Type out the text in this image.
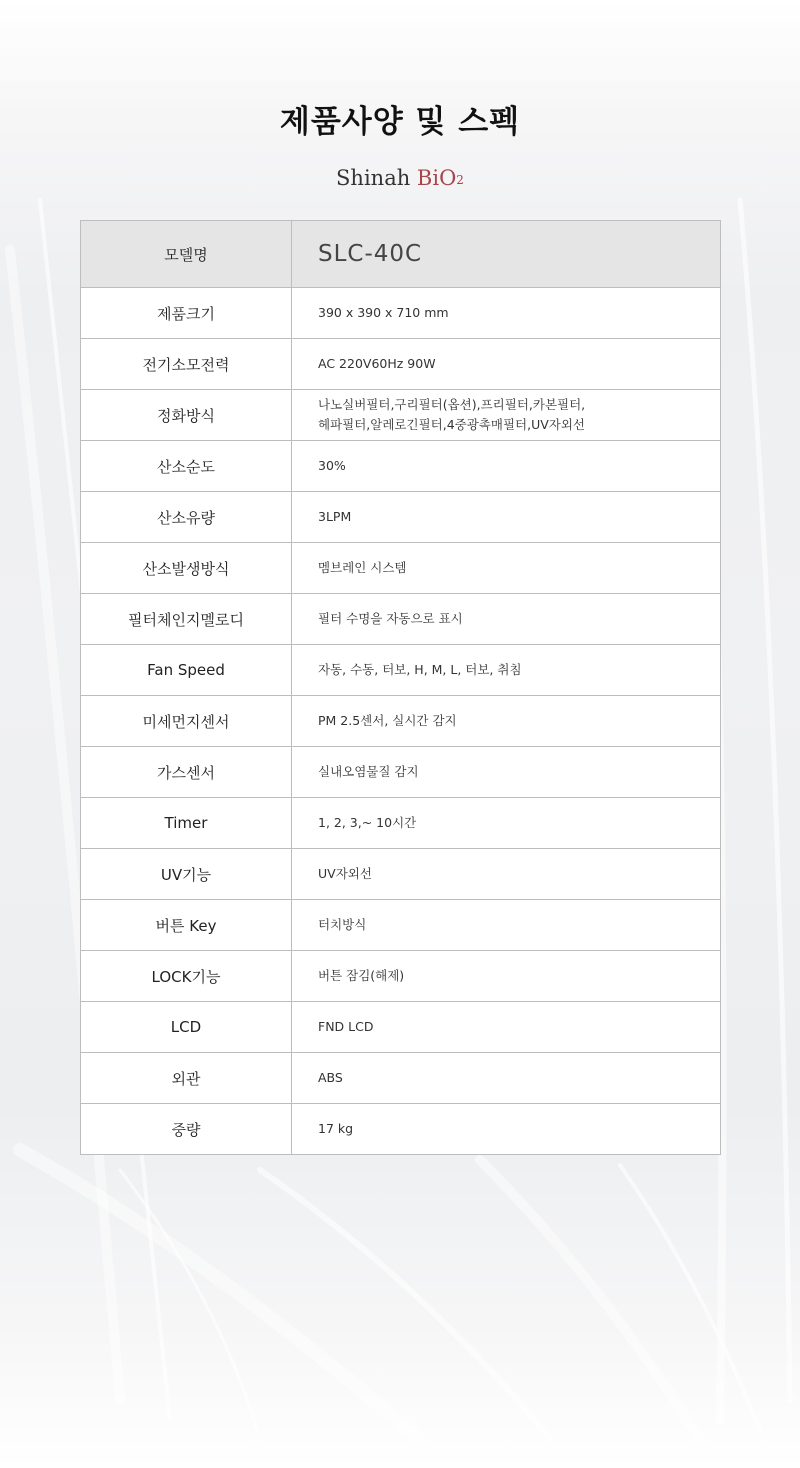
제품사양 및 스펙
Shinah BiO2
모델명	SLC-40C
제품크기	390 x 390 x 710 mm
전기소모전력	AC 220V60Hz 90W
정화방식	나노실버필터,구리필터(옵션),프리필터,카본필터,
헤파필터,알레로긴필터,4중광촉매필터,UV자외선

산소순도	30%
산소유량	3LPM
산소발생방식	멤브레인 시스템
필터체인지멜로디	필터 수명을 자동으로 표시
Fan Speed	자동, 수동, 터보, H, M, L, 터보, 취침
미세먼지센서	PM 2.5센서, 실시간 감지
가스센서	실내오염물질 감지
Timer	1, 2, 3,~ 10시간
UV기능	UV자외선
버튼 Key	터치방식
LOCK기능	버튼 잠김(해제)
LCD	FND LCD
외관	ABS
중량	17 kg
